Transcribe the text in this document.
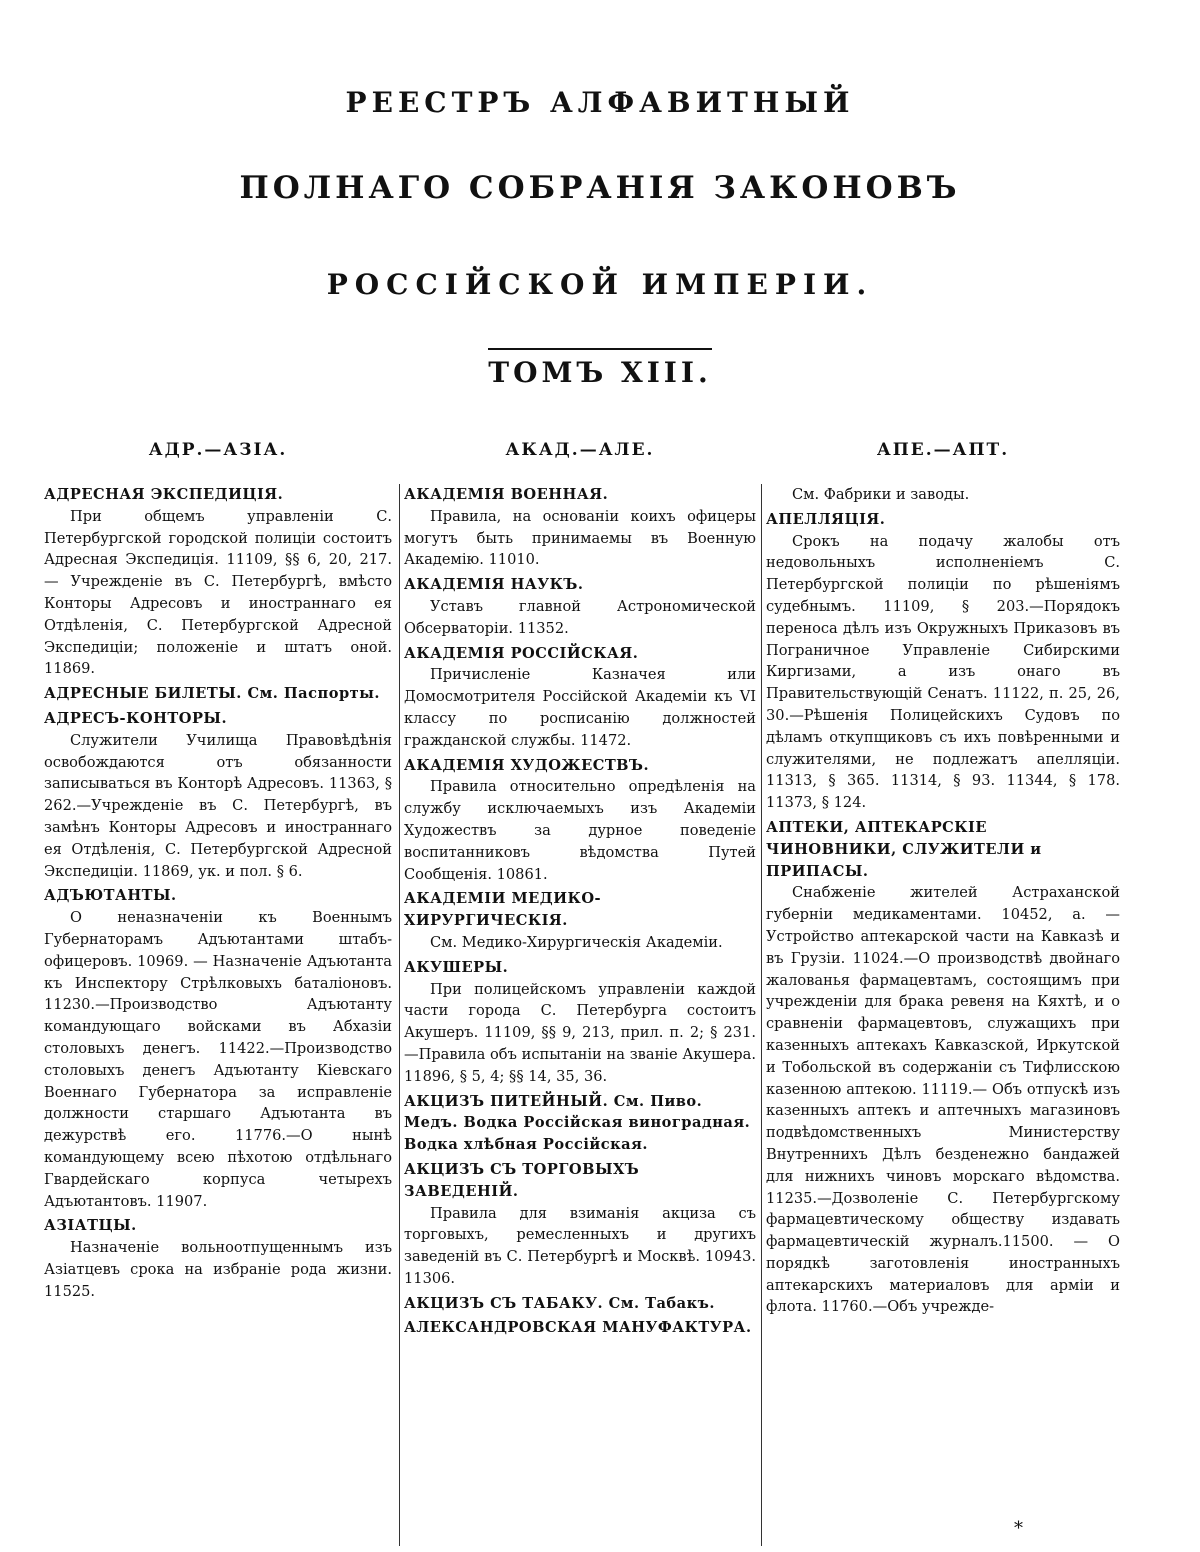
РЕЕСТРЪ АЛФАВИТНЫЙ
ПОЛНАГО СОБРАНIЯ ЗАКОНОВЪ
РОССIЙСКОЙ ИМПЕРIИ.
ТОМЪ XIII.
АДР.—АЗIА.	АКАД.—АЛЕ.	АПЕ.—АПТ.
АДРЕСНАЯ ЭКСПЕДИЦIЯ.
При общемъ управленiи С. Петербургской городской полицiи состоитъ Адресная Экспедицiя. 11109, §§ 6, 20, 217. — Учрежденiе въ С. Петербургѣ, вмѣсто Конторы Адресовъ и иностраннаго ея Отдѣленiя, С. Петербургской Адресной Экспедицiи; положенiе и штатъ оной. 11869.
АДРЕСНЫЕ БИЛЕТЫ. См. Паспорты.
АДРЕСЪ-КОНТОРЫ.
Служители Училища Правовѣдѣнiя освобождаются отъ обязанности записываться въ Конторѣ Адресовъ. 11363, § 262.—Учрежденiе въ С. Петербургѣ, въ замѣнъ Конторы Адресовъ и иностраннаго ея Отдѣленiя, С. Петербургской Адресной Экспедицiи. 11869, ук. и пол. § 6.
АДЪЮТАНТЫ.
О неназначенiи къ Военнымъ Губернаторамъ Адъютантами штабъ-офицеровъ. 10969. — Назначенiе Адъютанта къ Инспектору Стрѣлковыхъ баталiоновъ. 11230.—Производство Адъютанту командующаго войсками въ Абхазiи столовыхъ денегъ. 11422.—Производство столовыхъ денегъ Адъютанту Кiевскаго Военнаго Губернатора за исправленiе должности старшаго Адъютанта въ дежурствѣ его. 11776.—О нынѣ командующему всею пѣхотою отдѣльнаго Гвардейскаго корпуса четырехъ Адъютантовъ. 11907.
АЗIАТЦЫ.
Назначенiе вольноотпущеннымъ изъ Азiатцевъ срока на избранiе рода жизни. 11525.
АКАДЕМIЯ ВОЕННАЯ.
Правила, на основанiи коихъ офицеры могутъ быть принимаемы въ Военную Академiю. 11010.
АКАДЕМIЯ НАУКЪ.
Уставъ главной Астрономической Обсерваторiи. 11352.
АКАДЕМIЯ РОССIЙСКАЯ.
Причисленiе Казначея или Домосмотрителя Россiйской Академiи къ VI классу по росписанiю должностей гражданской службы. 11472.
АКАДЕМIЯ ХУДОЖЕСТВЪ.
Правила относительно опредѣленiя на службу исключаемыхъ изъ Академiи Художествъ за дурное поведенiе воспитанниковъ вѣдомства Путей Сообщенiя. 10861.
АКАДЕМIИ МЕДИКО-ХИРУРГИЧЕСКIЯ.
См. Медико-Хирургическiя Академiи.
АКУШЕРЫ.
При полицейскомъ управленiи каждой части города С. Петербурга состоитъ Акушеръ. 11109, §§ 9, 213, прил. п. 2; § 231.—Правила объ испытанiи на званiе Акушера. 11896, § 5, 4; §§ 14, 35, 36.
АКЦИЗЪ ПИТЕЙНЫЙ. См. Пиво. Медъ. Водка Россiйская виноградная. Водка хлѣбная Россiйская.
АКЦИЗЪ СЪ ТОРГОВЫХЪ ЗАВЕДЕНIЙ.
Правила для взиманiя акциза съ торговыхъ, ремесленныхъ и другихъ заведенiй въ С. Петербургѣ и Москвѣ. 10943. 11306.
АКЦИЗЪ СЪ ТАБАКУ. См. Табакъ.
АЛЕКСАНДРОВСКАЯ МАНУФАКТУРА.
См. Фабрики и заводы.
АПЕЛЛЯЦIЯ.
Срокъ на подачу жалобы отъ недовольныхъ исполненiемъ С. Петербургской полицiи по рѣшенiямъ судебнымъ. 11109, § 203.—Порядокъ переноса дѣлъ изъ Окружныхъ Приказовъ въ Пограничное Управленiе Сибирскими Киргизами, а изъ онаго въ Правительствующiй Сенатъ. 11122, п. 25, 26, 30.—Рѣшенiя Полицейскихъ Судовъ по дѣламъ откупщиковъ съ ихъ повѣренными и служителями, не подлежатъ апелляцiи. 11313, § 365. 11314, § 93. 11344, § 178. 11373, § 124.
АПТЕКИ, АПТЕКАРСКIЕ ЧИНОВНИКИ, СЛУЖИТЕЛИ и ПРИПАСЫ.
Снабженiе жителей Астраханской губернiи медикаментами. 10452, а. — Устройство аптекарской части на Кавказѣ и въ Грузiи. 11024.—О производствѣ двойнаго жалованья фармацевтамъ, состоящимъ при учрежденiи для брака ревеня на Кяхтѣ, и о сравненiи фармацевтовъ, служащихъ при казенныхъ аптекахъ Кавказской, Иркутской и Тобольской въ содержанiи съ Тифлисскою казенною аптекою. 11119.— Объ отпускѣ изъ казенныхъ аптекъ и аптечныхъ магазиновъ подвѣдомственныхъ Министерству Внутреннихъ Дѣлъ безденежно бандажей для нижнихъ чиновъ морскаго вѣдомства. 11235.—Дозволенiе С. Петербургскому фармацевтическому обществу издавать фармацевтическiй журналъ.11500. — О порядкѣ заготовленiя иностранныхъ аптекарскихъ материаловъ для армiи и флота. 11760.—Объ учрежде-
*
